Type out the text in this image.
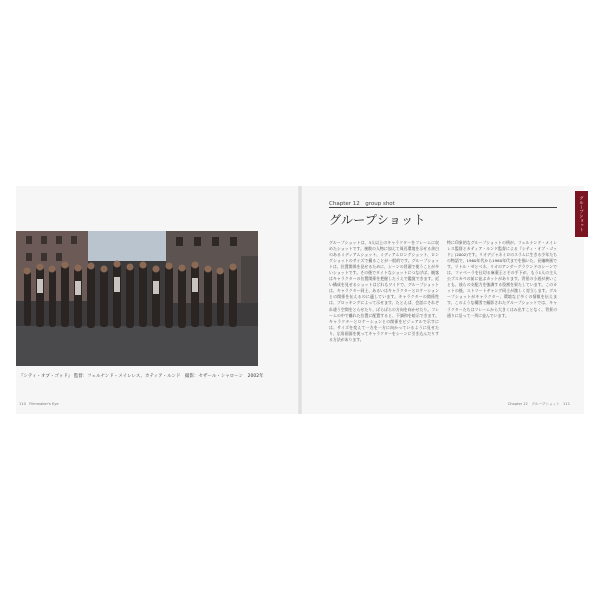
『シティ・オブ・ゴッド』 監督：フェルナンド・メイレレス、カティア・ルンド　撮影：セザール・シャローン　2002年
110 Filmmaker's Eye
グループショット
Chapter 12　group shot
グループショット

グループショットは、3人以上のキャラクターをフレームに収めたショットです。複数の人物に加えて周辺環境を示せる余白のあるミディアムショット、ミディアムロングショット、ロングショットのサイズで撮ることが一般的です。グループショットは、位置関係を見せるために、シーンの冒頭で使うことが多いショットです。その後でタイトなショットにつなげば、観客はキャラクターの位置関係を把握したうえで鑑賞できます。近い構成を見せるショットはどれもワイドで、グループショットは、キャラクター同士、あるいはキャラクターとロケーションとの関係を伝えるのに適しています。キャラクターの関係性は、ブロッキングによって示せます。たとえば、会話にそれぞれ違う空間をとらせたり、ばらばらの方向を向かせたり。フレームの中で離れた位置に配置すると、不調和を暗示できます。キャラクターとロケーションとの関係をビジュアルで示すには、サイズを変えて一方を一方に向かっているように見せたり、広角画面を使ってキャラクターをシーンに引き込んだりする方法があります。

特に印象的なグループショットの例が、フェルナンド・メイレレス監督とカティア・ルンド監督による『シティ・オブ・ゴッド』(2002)です。リオデジャネイロのスラムに生きる少年たちの物語で、1960年代から1980年代までを描いた、長編映画です。リトル・ゼとベネ、リオのアンダーグラウンドのシーンでは、ファベーラを仕切る麻薬王とその手下が、もう1人の主人公ブスカペの前に並ぶカットがあります。背景の小道が狭いことも、彼らの支配力を強調する役割を果たしています。このカットの後、ストリートギャング同士が激しく対立します。グループショットがキャラクター、環境など多くの情報を伝えます。このような構図で撮影されたグループショットでは、キャラクターたちはフレームから大きくはみ出すことなく、背景の通りに沿って一列に並んでいます。

Chapter 12　グループショット 111
